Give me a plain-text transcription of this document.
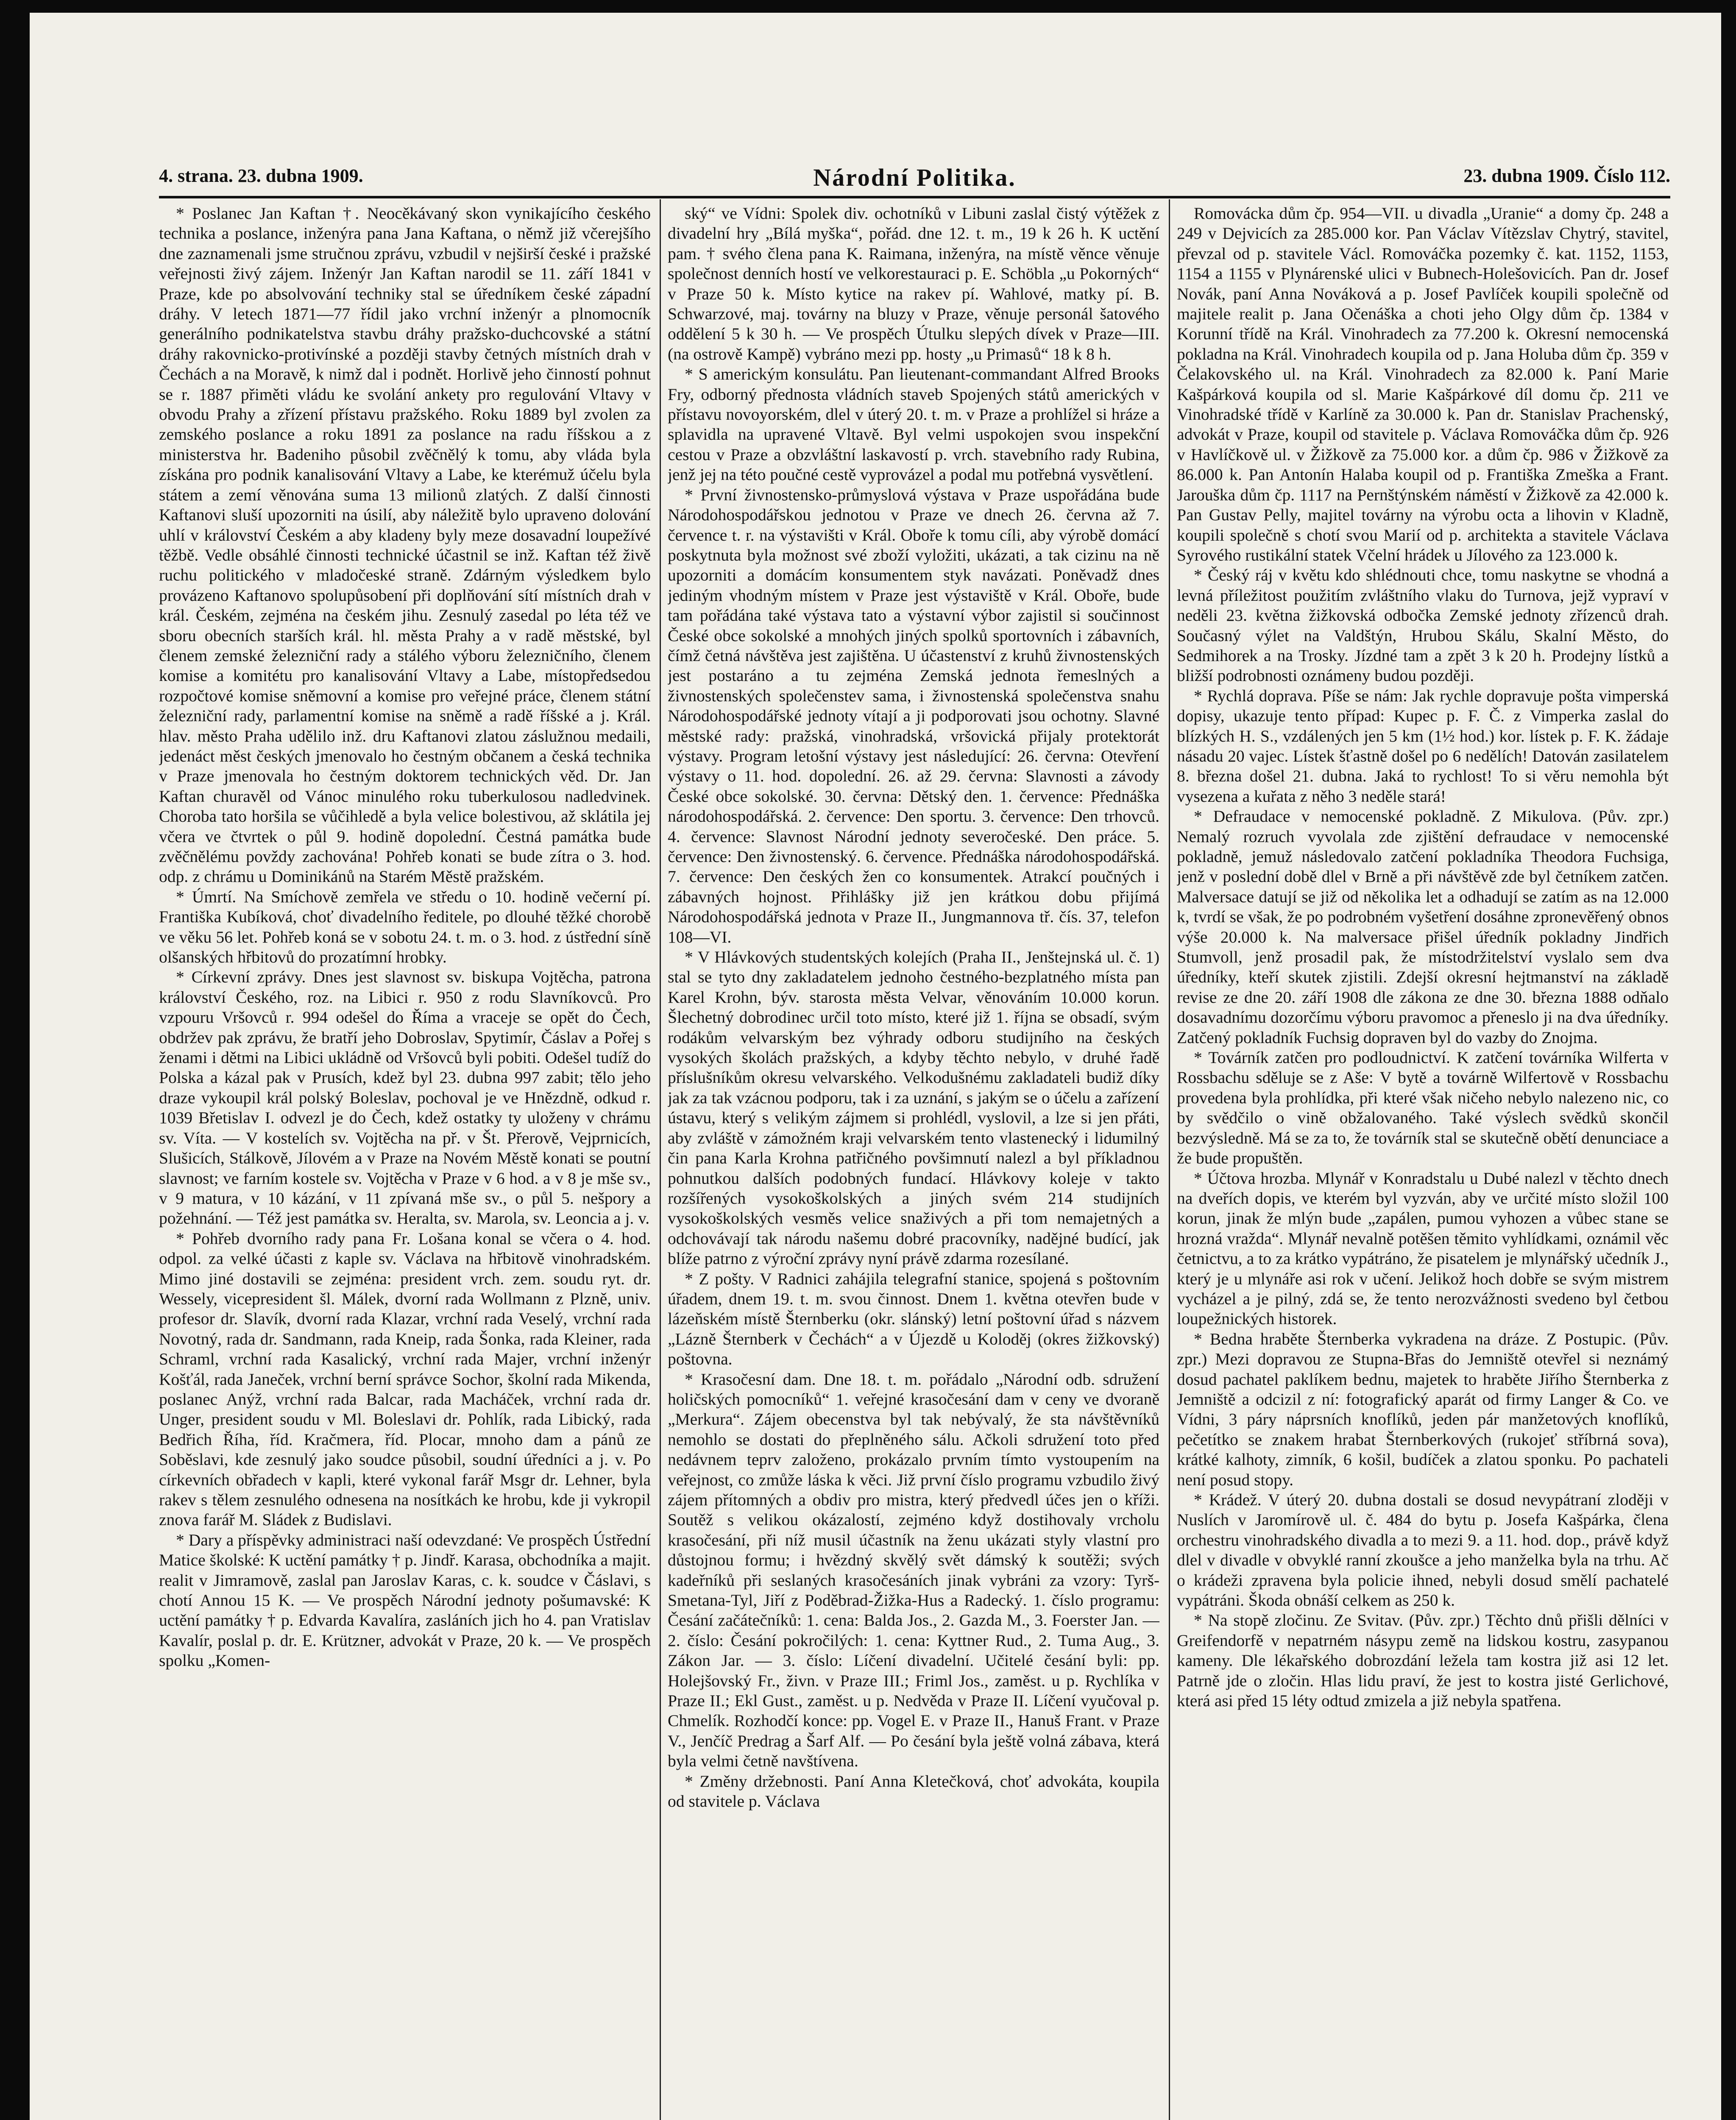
4. strana. 23. dubna 1909.	Národní Politika.	23. dubna 1909. Číslo 112.

* Poslanec Jan Kaftan †. Neocěkávaný skon vynikajícího českého technika a poslance, inženýra pana Jana Kaftana, o němž již včerejšího dne zaznamenali jsme stručnou zprávu, vzbudil v nejširší české i pražské veřejnosti živý zájem. Inženýr Jan Kaftan narodil se 11. září 1841 v Praze, kde po absolvování techniky stal se úředníkem české západní dráhy. V letech 1871—77 řídil jako vrchní inženýr a plnomocník generálního podnikatelstva stavbu dráhy pražsko-duchcovské a státní dráhy rakovnicko-protivínské a později stavby četných místních drah v Čechách a na Moravě, k nimž dal i podnět. Horlivě jeho činností pohnut se r. 1887 přiměti vládu ke svolání ankety pro regulování Vltavy v obvodu Prahy a zřízení přístavu pražského. Roku 1889 byl zvolen za zemského poslance a roku 1891 za poslance na radu říšskou a z ministerstva hr. Badeniho působil zvěčnělý k tomu, aby vláda byla získána pro podnik kanalisování Vltavy a Labe, ke kterémuž účelu byla státem a zemí věnována suma 13 milionů zlatých. Z další činnosti Kaftanovi sluší upozorniti na úsilí, aby náležitě bylo upraveno dolování uhlí v království Českém a aby kladeny byly meze dosavadní loupežívé těžbě. Vedle obsáhlé činnosti technické účastnil se inž. Kaftan též živě ruchu politického v mladočeské straně. Zdárným výsledkem bylo provázeno Kaftanovo spolupůsobení při doplňování sítí místních drah v král. Českém, zejména na českém jihu. Zesnulý zasedal po léta též ve sboru obecních starších král. hl. města Prahy a v radě městské, byl členem zemské železniční rady a stálého výboru železničního, členem komise a komitétu pro kanalisování Vltavy a Labe, místopředsedou rozpočtové komise sněmovní a komise pro veřejné práce, členem státní železniční rady, parlamentní komise na sněmě a radě říšské a j. Král. hlav. město Praha udělilo inž. dru Kaftanovi zlatou záslužnou medaili, jedenáct měst českých jmenovalo ho čestným občanem a česká technika v Praze jmenovala ho čestným doktorem technických věd. Dr. Jan Kaftan churavěl od Vánoc minulého roku tuberkulosou nadledvinek. Choroba tato horšila se vůčihledě a byla velice bolestivou, až sklátila jej včera ve čtvrtek o půl 9. hodině dopolední. Čestná památka bude zvěčnělému povždy zachována! Pohřeb konati se bude zítra o 3. hod. odp. z chrámu u Dominikánů na Starém Městě pražském.

* Úmrtí. Na Smíchově zemřela ve středu o 10. hodině večerní pí. Františka Kubíková, choť divadelního ředitele, po dlouhé těžké chorobě ve věku 56 let. Pohřeb koná se v sobotu 24. t. m. o 3. hod. z ústřední síně olšanských hřbitovů do prozatímní hrobky.

* Církevní zprávy. Dnes jest slavnost sv. biskupa Vojtěcha, patrona království Českého, roz. na Libici r. 950 z rodu Slavníkovců. Pro vzpouru Vršovců r. 994 odešel do Říma a vraceje se opět do Čech, obdržev pak zprávu, že bratří jeho Dobroslav, Spytimír, Čáslav a Pořej s ženami i dětmi na Libici ukládně od Vršovců byli pobiti. Odešel tudíž do Polska a kázal pak v Prusích, kdež byl 23. dubna 997 zabit; tělo jeho draze vykoupil král polský Boleslav, pochoval je ve Hnězdně, odkud r. 1039 Břetislav I. odvezl je do Čech, kdež ostatky ty uloženy v chrámu sv. Víta. — V kostelích sv. Vojtěcha na př. v Št. Přerově, Vejprnicích, Slušicích, Stálkově, Jílovém a v Praze na Novém Městě konati se poutní slavnost; ve farním kostele sv. Vojtěcha v Praze v 6 hod. a v 8 je mše sv., v 9 matura, v 10 kázání, v 11 zpívaná mše sv., o půl 5. nešpory a požehnání. — Též jest památka sv. Heralta, sv. Marola, sv. Leoncia a j. v.

* Pohřeb dvorního rady pana Fr. Lošana konal se včera o 4. hod. odpol. za velké účasti z kaple sv. Václava na hřbitově vinohradském. Mimo jiné dostavili se zejména: president vrch. zem. soudu ryt. dr. Wessely, vicepresident šl. Málek, dvorní rada Wollmann z Plzně, univ. profesor dr. Slavík, dvorní rada Klazar, vrchní rada Veselý, vrchní rada Novotný, rada dr. Sandmann, rada Kneip, rada Šonka, rada Kleiner, rada Schraml, vrchní rada Kasalický, vrchní rada Majer, vrchní inženýr Košťál, rada Janeček, vrchní berní správce Sochor, školní rada Mikenda, poslanec Anýž, vrchní rada Balcar, rada Macháček, vrchní rada dr. Unger, president soudu v Ml. Boleslavi dr. Pohlík, rada Libický, rada Bedřich Říha, říd. Kračmera, říd. Plocar, mnoho dam a pánů ze Soběslavi, kde zesnulý jako soudce působil, soudní úředníci a j. v. Po církevních obřadech v kapli, které vykonal farář Msgr dr. Lehner, byla rakev s tělem zesnulého odnesena na nosítkách ke hrobu, kde ji vykropil znova farář M. Sládek z Budislavi.

* Dary a příspěvky administraci naší odevzdané: Ve prospěch Ústřední Matice školské: K uctění památky † p. Jindř. Karasa, obchodníka a majit. realit v Jimramově, zaslal pan Jaroslav Karas, c. k. soudce v Čáslavi, s chotí Annou 15 K. — Ve prospěch Národní jednoty pošumavské: K uctění památky † p. Edvarda Kavalíra, zasláních jich ho 4. pan Vratislav Kavalír, poslal p. dr. E. Krützner, advokát v Praze, 20 k. — Ve prospěch spolku „Komen-

ský“ ve Vídni: Spolek div. ochotníků v Libuni zaslal čistý výtěžek z divadelní hry „Bílá myška“, pořád. dne 12. t. m., 19 k 26 h. K uctění pam. † svého člena pana K. Raimana, inženýra, na místě věnce věnuje společnost denních hostí ve velkorestauraci p. E. Schöbla „u Pokorných“ v Praze 50 k. Místo kytice na rakev pí. Wahlové, matky pí. B. Schwarzové, maj. továrny na bluzy v Praze, věnuje personál šatového oddělení 5 k 30 h. — Ve prospěch Útulku slepých dívek v Praze—III. (na ostrově Kampě) vybráno mezi pp. hosty „u Primasů“ 18 k 8 h.

* S americkým konsulátu. Pan lieutenant-commandant Alfred Brooks Fry, odborný přednosta vládních staveb Spojených států amerických v přístavu novoyorském, dlel v úterý 20. t. m. v Praze a prohlížel si hráze a splavidla na upravené Vltavě. Byl velmi uspokojen svou inspekční cestou v Praze a obzvláštní laskavostí p. vrch. stavebního rady Rubina, jenž jej na této poučné cestě vyprovázel a podal mu potřebná vysvětlení.

* První živnostensko-průmyslová výstava v Praze uspořádána bude Národohospodářskou jednotou v Praze ve dnech 26. června až 7. července t. r. na výstavišti v Král. Oboře k tomu cíli, aby výrobě domácí poskytnuta byla možnost své zboží vyložiti, ukázati, a tak cizinu na ně upozorniti a domácím konsumentem styk navázati. Poněvadž dnes jediným vhodným místem v Praze jest výstaviště v Král. Oboře, bude tam pořádána také výstava tato a výstavní výbor zajistil si součinnost České obce sokolské a mnohých jiných spolků sportovních i zábavních, čímž četná návštěva jest zajištěna. U účastenství z kruhů živnostenských jest postaráno a tu zejména Zemská jednota řemeslných a živnostenských společenstev sama, i živnostenská společenstva snahu Národohospodářské jednoty vítají a ji podporovati jsou ochotny. Slavné městské rady: pražská, vinohradská, vršovická přijaly protektorát výstavy. Program letošní výstavy jest následující: 26. června: Otevření výstavy o 11. hod. dopolední. 26. až 29. června: Slavnosti a závody České obce sokolské. 30. června: Dětský den. 1. července: Přednáška národohospodářská. 2. července: Den sportu. 3. července: Den trhovců. 4. července: Slavnost Národní jednoty severočeské. Den práce. 5. července: Den živnostenský. 6. července. Přednáška národohospodářská. 7. července: Den českých žen co konsumentek. Atrakcí poučných i zábavných hojnost. Přihlášky již jen krátkou dobu přijímá Národohospodářská jednota v Praze II., Jungmannova tř. čís. 37, telefon 108—VI.

* V Hlávkových studentských kolejích (Praha II., Jenštejnská ul. č. 1) stal se tyto dny zakladatelem jednoho čestného-bezplatného místa pan Karel Krohn, býv. starosta města Velvar, věnováním 10.000 korun. Šlechetný dobrodinec určil toto místo, které již 1. října se obsadí, svým rodákům velvarským bez výhrady odboru studijního na českých vysokých školách pražských, a kdyby těchto nebylo, v druhé řadě příslušníkům okresu velvarského. Velkodušnému zakladateli budiž díky jak za tak vzácnou podporu, tak i za uznání, s jakým se o účelu a zařízení ústavu, který s velikým zájmem si prohlédl, vyslovil, a lze si jen přáti, aby zvláště v zámožném kraji velvarském tento vlastenecký i lidumilný čin pana Karla Krohna patřičného povšimnutí nalezl a byl příkladnou pohnutkou dalších podobných fundací. Hlávkovy koleje v takto rozšířených vysokoškolských a jiných svém 214 studijních vysokoškolských vesměs velice snaživých a při tom nemajetných a odchovávají tak národu našemu dobré pracovníky, nadějné budící, jak blíže patrno z výroční zprávy nyní právě zdarma rozesílané.

* Z pošty. V Radnici zahájila telegrafní stanice, spojená s poštovním úřadem, dnem 19. t. m. svou činnost. Dnem 1. května otevřen bude v lázeňském místě Šternberku (okr. slánský) letní poštovní úřad s názvem „Lázně Šternberk v Čechách“ a v Újezdě u Koloděj (okres žižkovský) poštovna.

* Krasočesní dam. Dne 18. t. m. pořádalo „Národní odb. sdružení holičských pomocníků“ 1. veřejné krasočesání dam v ceny ve dvoraně „Merkura“. Zájem obecenstva byl tak nebývalý, že sta návštěvníků nemohlo se dostati do přeplněného sálu. Ačkoli sdružení toto před nedávnem teprv založeno, prokázalo prvním tímto vystoupením na veřejnost, co zmůže láska k věci. Již první číslo programu vzbudilo živý zájem přítomných a obdiv pro mistra, který předvedl účes jen o kříži. Soutěž s velikou okázalostí, zejméno když dostihovaly vrcholu krasočesání, při níž musil účastník na ženu ukázati styly vlastní pro důstojnou formu; i hvězdný skvělý svět dámský k soutěži; svých kadeřníků při seslaných krasočesáních jinak vybráni za vzory: Tyrš-Smetana-Tyl, Jiří z Poděbrad-Žižka-Hus a Radecký. 1. číslo programu: Česání začátečníků: 1. cena: Balda Jos., 2. Gazda M., 3. Foerster Jan. — 2. číslo: Česání pokročilých: 1. cena: Kyttner Rud., 2. Tuma Aug., 3. Zákon Jar. — 3. číslo: Líčení divadelní. Učitelé česání byli: pp. Holejšovský Fr., živn. v Praze III.; Friml Jos., zaměst. u p. Rychlíka v Praze II.; Ekl Gust., zaměst. u p. Nedvěda v Praze II. Líčení vyučoval p. Chmelík. Rozhodčí konce: pp. Vogel E. v Praze II., Hanuš Frant. v Praze V., Jenčíč Predrag a Šarf Alf. — Po česání byla ještě volná zábava, která byla velmi četně navštívena.

* Změny držebnosti. Paní Anna Kletečková, choť advokáta, koupila od stavitele p. Václava

Romovácka dům čp. 954—VII. u divadla „Uranie“ a domy čp. 248 a 249 v Dejvicích za 285.000 kor. Pan Václav Vítězslav Chytrý, stavitel, převzal od p. stavitele Václ. Romováčka pozemky č. kat. 1152, 1153, 1154 a 1155 v Plynárenské ulici v Bubnech-Holešovicích. Pan dr. Josef Novák, paní Anna Nováková a p. Josef Pavlíček koupili společně od majitele realit p. Jana Očenáška a choti jeho Olgy dům čp. 1384 v Korunní třídě na Král. Vinohradech za 77.200 k. Okresní nemocenská pokladna na Král. Vinohradech koupila od p. Jana Holuba dům čp. 359 v Čelakovského ul. na Král. Vinohradech za 82.000 k. Paní Marie Kašpárková koupila od sl. Marie Kašpárkové díl domu čp. 211 ve Vinohradské třídě v Karlíně za 30.000 k. Pan dr. Stanislav Prachenský, advokát v Praze, koupil od stavitele p. Václava Romováčka dům čp. 926 v Havlíčkově ul. v Žižkově za 75.000 kor. a dům čp. 986 v Žižkově za 86.000 k. Pan Antonín Halaba koupil od p. Františka Zmeška a Frant. Jarouška dům čp. 1117 na Pernštýnském náměstí v Žižkově za 42.000 k. Pan Gustav Pelly, majitel továrny na výrobu octa a lihovin v Kladně, koupili společně s chotí svou Marií od p. architekta a stavitele Václava Syrového rustikální statek Včelní hrádek u Jílového za 123.000 k.

* Český ráj v květu kdo shlédnouti chce, tomu naskytne se vhodná a levná příležitost použitím zvláštního vlaku do Turnova, jejž vypraví v neděli 23. května žižkovská odbočka Zemské jednoty zřízenců drah. Současný výlet na Valdštýn, Hrubou Skálu, Skalní Město, do Sedmihorek a na Trosky. Jízdné tam a zpět 3 k 20 h. Prodejny lístků a bližší podrobnosti oznámeny budou později.

* Rychlá doprava. Píše se nám: Jak rychle dopravuje pošta vimperská dopisy, ukazuje tento případ: Kupec p. F. Č. z Vimperka zaslal do blízkých H. S., vzdálených jen 5 km (1½ hod.) kor. lístek p. F. K. žádaje násadu 20 vajec. Lístek šťastně došel po 6 nedělích! Datován zasilatelem 8. března došel 21. dubna. Jaká to rychlost! To si věru nemohla být vysezena a kuřata z něho 3 neděle stará!

* Defraudace v nemocenské pokladně. Z Mikulova. (Pův. zpr.) Nemalý rozruch vyvolala zde zjištění defraudace v nemocenské pokladně, jemuž následovalo zatčení pokladníka Theodora Fuchsiga, jenž v poslední době dlel v Brně a při návštěvě zde byl četníkem zatčen. Malversace datují se již od několika let a odhadují se zatím as na 12.000 k, tvrdí se však, že po podrobném vyšetření dosáhne zpronevěřený obnos výše 20.000 k. Na malversace přišel úředník pokladny Jindřich Stumvoll, jenž prosadil pak, že místodržitelství vyslalo sem dva úředníky, kteří skutek zjistili. Zdejší okresní hejtmanství na základě revise ze dne 20. září 1908 dle zákona ze dne 30. března 1888 odňalo dosavadnímu dozorčímu výboru pravomoc a přeneslo ji na dva úředníky. Zatčený pokladník Fuchsig dopraven byl do vazby do Znojma.

* Továrník zatčen pro podloudnictví. K zatčení továrníka Wilferta v Rossbachu sděluje se z Aše: V bytě a továrně Wilfertově v Rossbachu provedena byla prohlídka, při které však ničeho nebylo nalezeno nic, co by svědčilo o vině obžalovaného. Také výslech svědků skončil bezvýsledně. Má se za to, že továrník stal se skutečně obětí denunciace a že bude propuštěn.

* Účtova hrozba. Mlynář v Konradstalu u Dubé nalezl v těchto dnech na dveřích dopis, ve kterém byl vyzván, aby ve určité místo složil 100 korun, jinak že mlýn bude „zapálen, pumou vyhozen a vůbec stane se hrozná vražda“. Mlynář nevalně potěšen těmito vyhlídkami, oznámil věc četnictvu, a to za krátko vypátráno, že pisatelem je mlynářský učedník J., který je u mlynáře asi rok v učení. Jelikož hoch dobře se svým mistrem vycházel a je pilný, zdá se, že tento nerozvážnosti svedeno byl četbou loupežnických historek.

* Bedna hraběte Šternberka vykradena na dráze. Z Postupic. (Pův. zpr.) Mezi dopravou ze Stupna-Břas do Jemniště otevřel si neznámý dosud pachatel paklíkem bednu, majetek to hraběte Jiřího Šternberka z Jemniště a odcizil z ní: fotografický aparát od firmy Langer & Co. ve Vídni, 3 páry náprsních knoflíků, jeden pár manžetových knoflíků, pečetítko se znakem hrabat Šternberkových (rukojeť stříbrná sova), krátké kalhoty, zimník, 6 košil, budíček a zlatou sponku. Po pachateli není posud stopy.

* Krádež. V úterý 20. dubna dostali se dosud nevypátraní zloději v Nuslích v Jaromírově ul. č. 484 do bytu p. Josefa Kašpárka, člena orchestru vinohradského divadla a to mezi 9. a 11. hod. dop., právě když dlel v divadle v obvyklé ranní zkoušce a jeho manželka byla na trhu. Ač o krádeži zpravena byla policie ihned, nebyli dosud smělí pachatelé vypátráni. Škoda obnáší celkem as 250 k.

* Na stopě zločinu. Ze Svitav. (Pův. zpr.) Těchto dnů přišli dělníci v Greifendorfě v nepatrném násypu země na lidskou kostru, zasypanou kameny. Dle lékařského dobrozdání ležela tam kostra již asi 12 let. Patrně jde o zločin. Hlas lidu praví, že jest to kostra jisté Gerlichové, která asi před 15 léty odtud zmizela a již nebyla spatřena.
